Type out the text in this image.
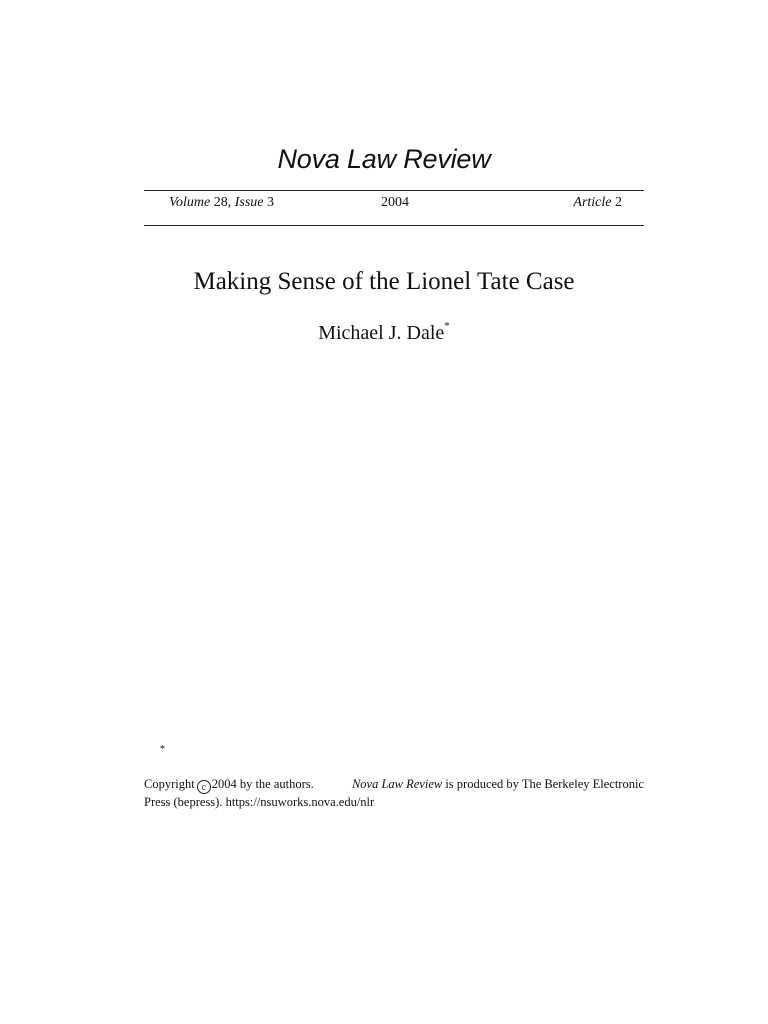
Nova Law Review
Volume 28, Issue 3	2004	Article 2
Making Sense of the Lionel Tate Case
Michael J. Dale*
*
Copyright c 2004 by the authors.	Nova Law Review is produced by The Berkeley Electronic
Press (bepress). https://nsuworks.nova.edu/nlr
